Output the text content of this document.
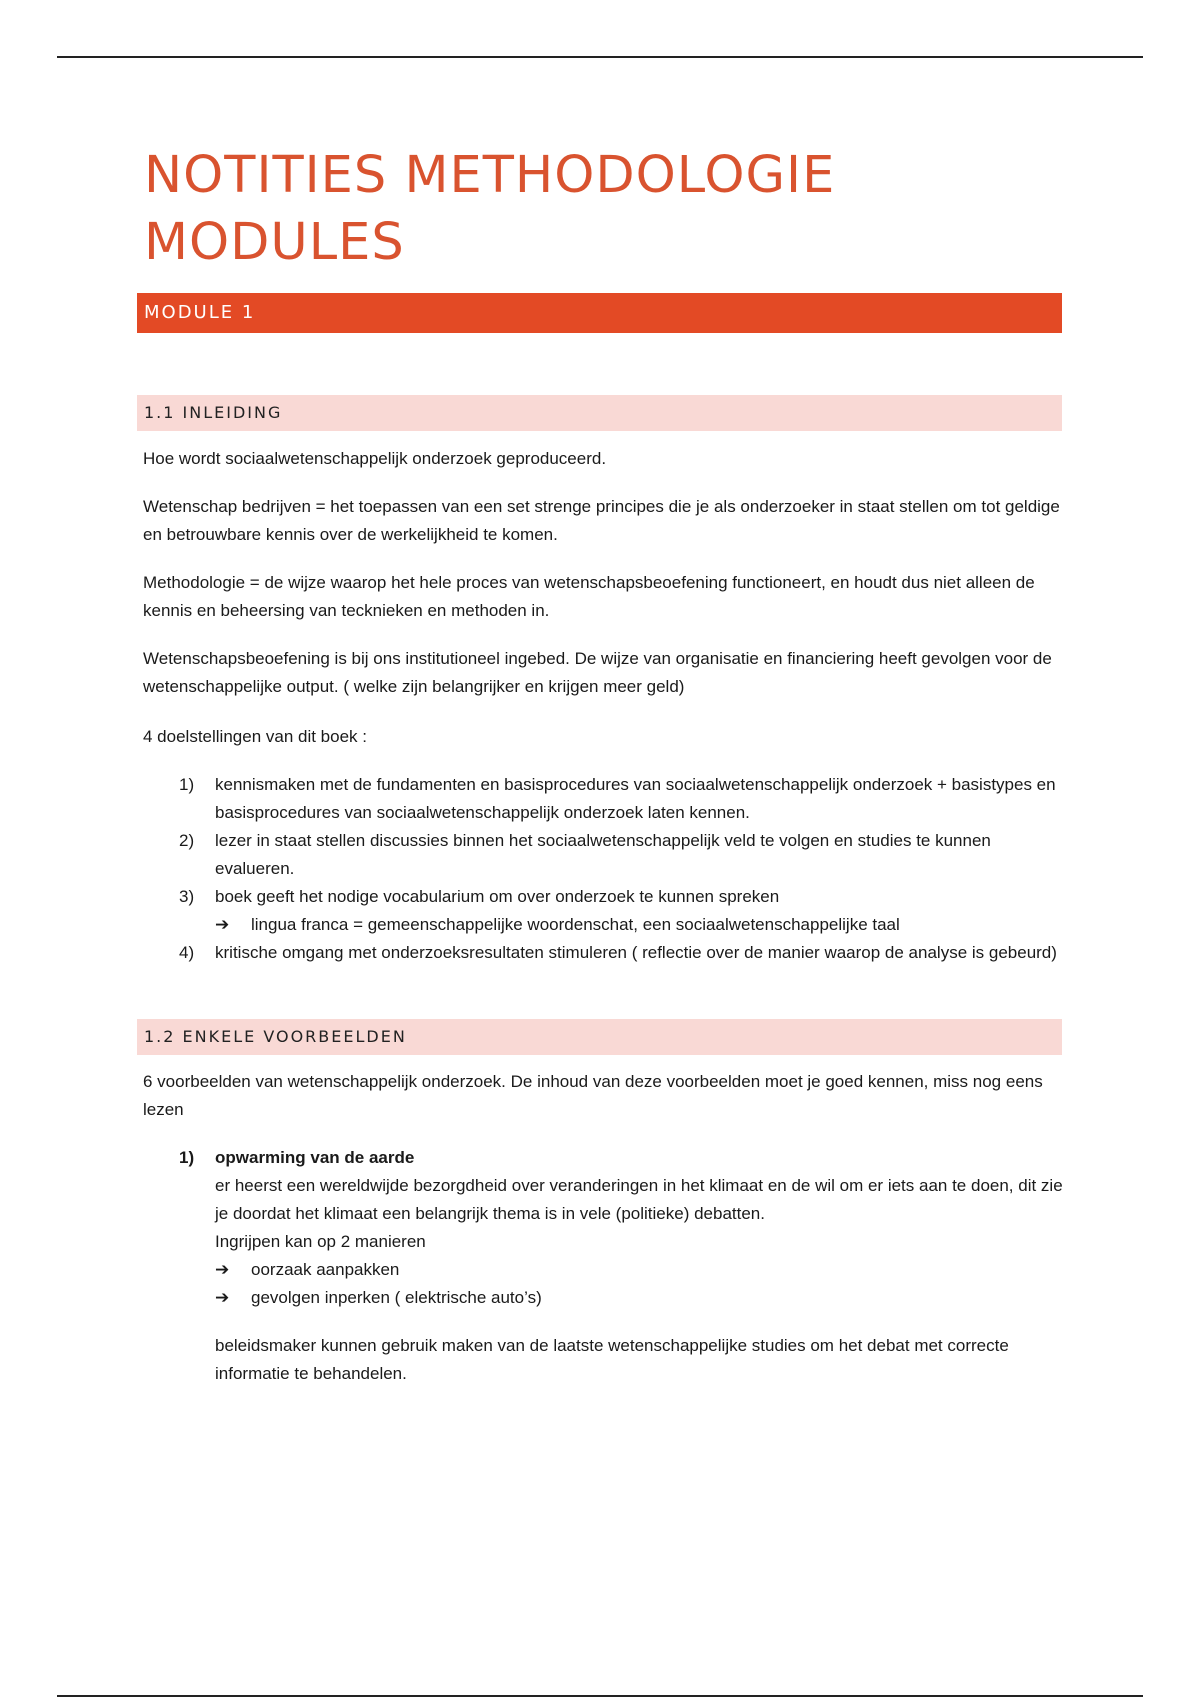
NOTITIES METHODOLOGIE
MODULES
MODULE 1
1.1 INLEIDING

Hoe wordt sociaalwetenschappelijk onderzoek geproduceerd.

Wetenschap bedrijven = het toepassen van een set strenge principes die je als onderzoeker in staat stellen om tot geldige en betrouwbare kennis over de werkelijkheid te komen.

Methodologie = de wijze waarop het hele proces van wetenschapsbeoefening functioneert, en houdt dus niet alleen de kennis en beheersing van tecknieken en methoden in.

Wetenschapsbeoefening is bij ons institutioneel ingebed. De wijze van organisatie en financiering heeft gevolgen voor de wetenschappelijke output. ( welke zijn belangrijker en krijgen meer geld)

4 doelstellingen van dit boek :

1) kennismaken met de fundamenten en basisprocedures van sociaalwetenschappelijk onderzoek + basistypes en basisprocedures van sociaalwetenschappelijk onderzoek laten kennen.
2) lezer in staat stellen discussies binnen het sociaalwetenschappelijk veld te volgen en studies te kunnen evalueren.
3) boek geeft het nodige vocabularium om over onderzoek te kunnen spreken
➔ lingua franca = gemeenschappelijke woordenschat, een sociaalwetenschappelijke taal
4) kritische omgang met onderzoeksresultaten stimuleren ( reflectie over de manier waarop de analyse is gebeurd)
1.2 ENKELE VOORBEELDEN

6 voorbeelden van wetenschappelijk onderzoek. De inhoud van deze voorbeelden moet je goed kennen, miss nog eens lezen

1) opwarming van de aarde
er heerst een wereldwijde bezorgdheid over veranderingen in het klimaat en de wil om er iets aan te doen, dit zie je doordat het klimaat een belangrijk thema is in vele (politieke) debatten.
Ingrijpen kan op 2 manieren
➔ oorzaak aanpakken
➔ gevolgen inperken ( elektrische auto’s)
beleidsmaker kunnen gebruik maken van de laatste wetenschappelijke studies om het debat met correcte informatie te behandelen.
